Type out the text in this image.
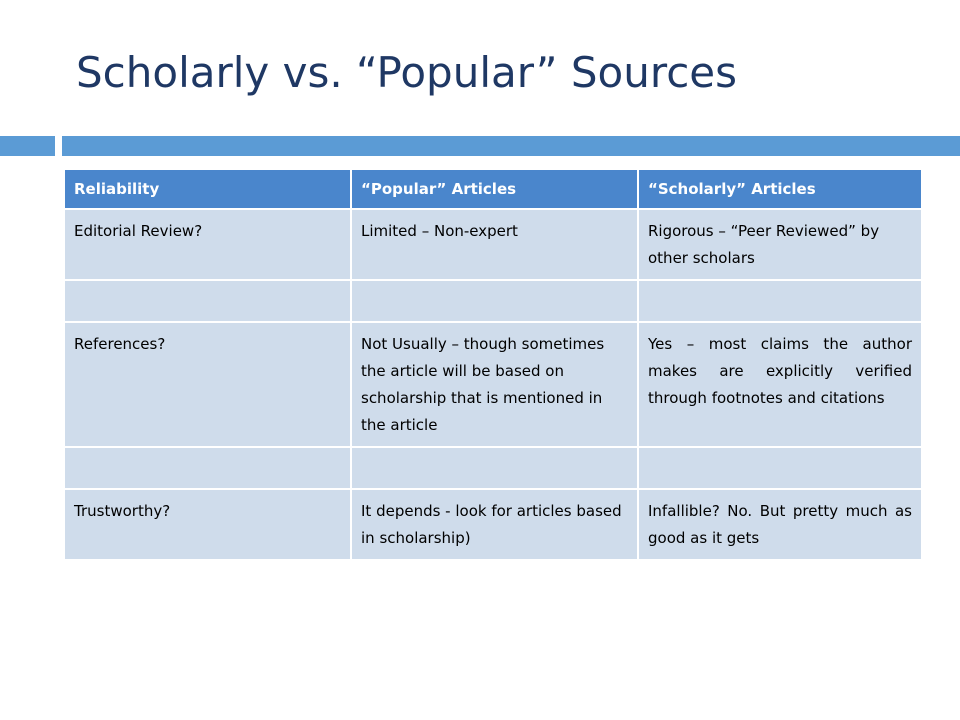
Scholarly vs. “Popular” Sources
Reliability	“Popular” Articles	“Scholarly” Articles
Editorial Review?	Limited – Non-expert	Rigorous – “Peer Reviewed” by other scholars

References?	Not Usually – though sometimes the article will be based on scholarship that is mentioned in the article	Yes – most claims the author makes are explicitly verified through footnotes and citations

Trustworthy?	It depends - look for articles based in scholarship)	Infallible? No. But pretty much as good as it gets
